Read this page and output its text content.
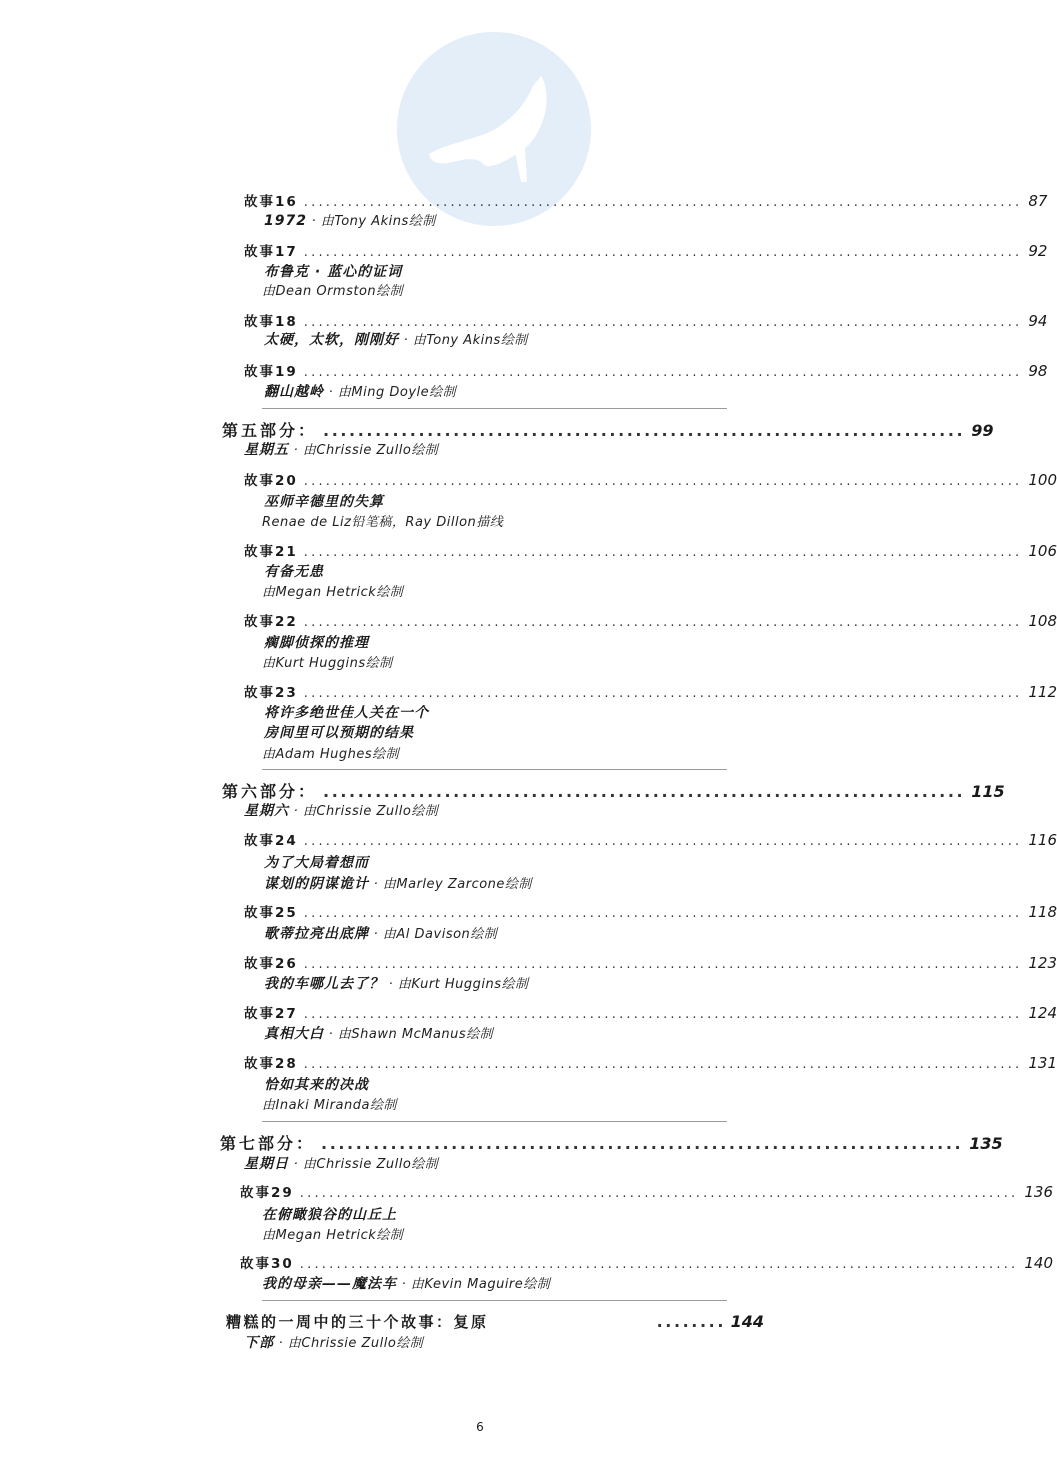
故事16 .................................................................................................. 87
1972 · 由Tony Akins绘制
故事17 .................................................................................................. 92
布鲁克 · 蓝心的证词
由Dean Ormston绘制
故事18 .................................................................................................. 94
太硬，太软，刚刚好 · 由Tony Akins绘制
故事19 .................................................................................................. 98
翻山越岭 · 由Ming Doyle绘制
第五部分： .......................................................................... 99
星期五 · 由Chrissie Zullo绘制
故事20 .................................................................................................. 100
巫师辛德里的失算
Renae de Liz铅笔稿，Ray Dillon描线
故事21 .................................................................................................. 106
有备无患
由Megan Hetrick绘制
故事22 .................................................................................................. 108
瘸脚侦探的推理
由Kurt Huggins绘制
故事23 .................................................................................................. 112
将许多绝世佳人关在一个
房间里可以预期的结果
由Adam Hughes绘制
第六部分： .......................................................................... 115
星期六 · 由Chrissie Zullo绘制
故事24 .................................................................................................. 116
为了大局着想而
谋划的阴谋诡计 · 由Marley Zarcone绘制
故事25 .................................................................................................. 118
歌蒂拉亮出底牌 · 由Al Davison绘制
故事26 .................................................................................................. 123
我的车哪儿去了？ · 由Kurt Huggins绘制
故事27 .................................................................................................. 124
真相大白 · 由Shawn McManus绘制
故事28 .................................................................................................. 131
恰如其来的决战
由Inaki Miranda绘制
第七部分： .......................................................................... 135
星期日 · 由Chrissie Zullo绘制
故事29 .................................................................................................. 136
在俯瞰狼谷的山丘上
由Megan Hetrick绘制
故事30 .................................................................................................. 140
我的母亲——魔法车 · 由Kevin Maguire绘制
糟糕的一周中的三十个故事：复原	........ 144
下部 · 由Chrissie Zullo绘制
6
